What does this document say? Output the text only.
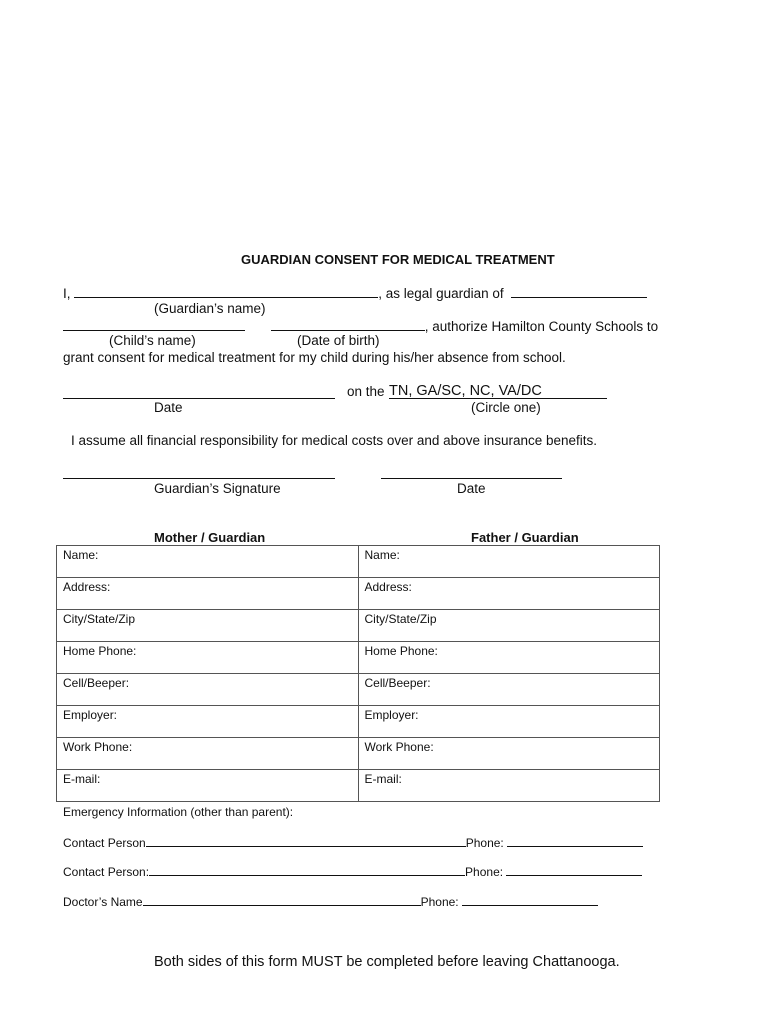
GUARDIAN CONSENT FOR MEDICAL TREATMENT
I,	, as legal guardian of
(Guardian’s name)
, authorize Hamilton County Schools to
(Child’s name)	(Date of birth)
grant consent for medical treatment for my child during his/her absence from school.
on the TN, GA/SC, NC, VA/DC
Date	(Circle one)
I assume all financial responsibility for medical costs over and above insurance benefits.
Guardian’s Signature	Date
Mother / Guardian	Father / Guardian
Name:	Name:
Address:	Address:
City/State/Zip	City/State/Zip
Home Phone:	Home Phone:
Cell/Beeper:	Cell/Beeper:
Employer:	Employer:
Work Phone:	Work Phone:
E-mail:	E-mail:
Emergency Information (other than parent):
Contact Person	Phone:
Contact Person:	Phone:
Doctor’s Name	Phone:
Both sides of this form MUST be completed before leaving Chattanooga.
